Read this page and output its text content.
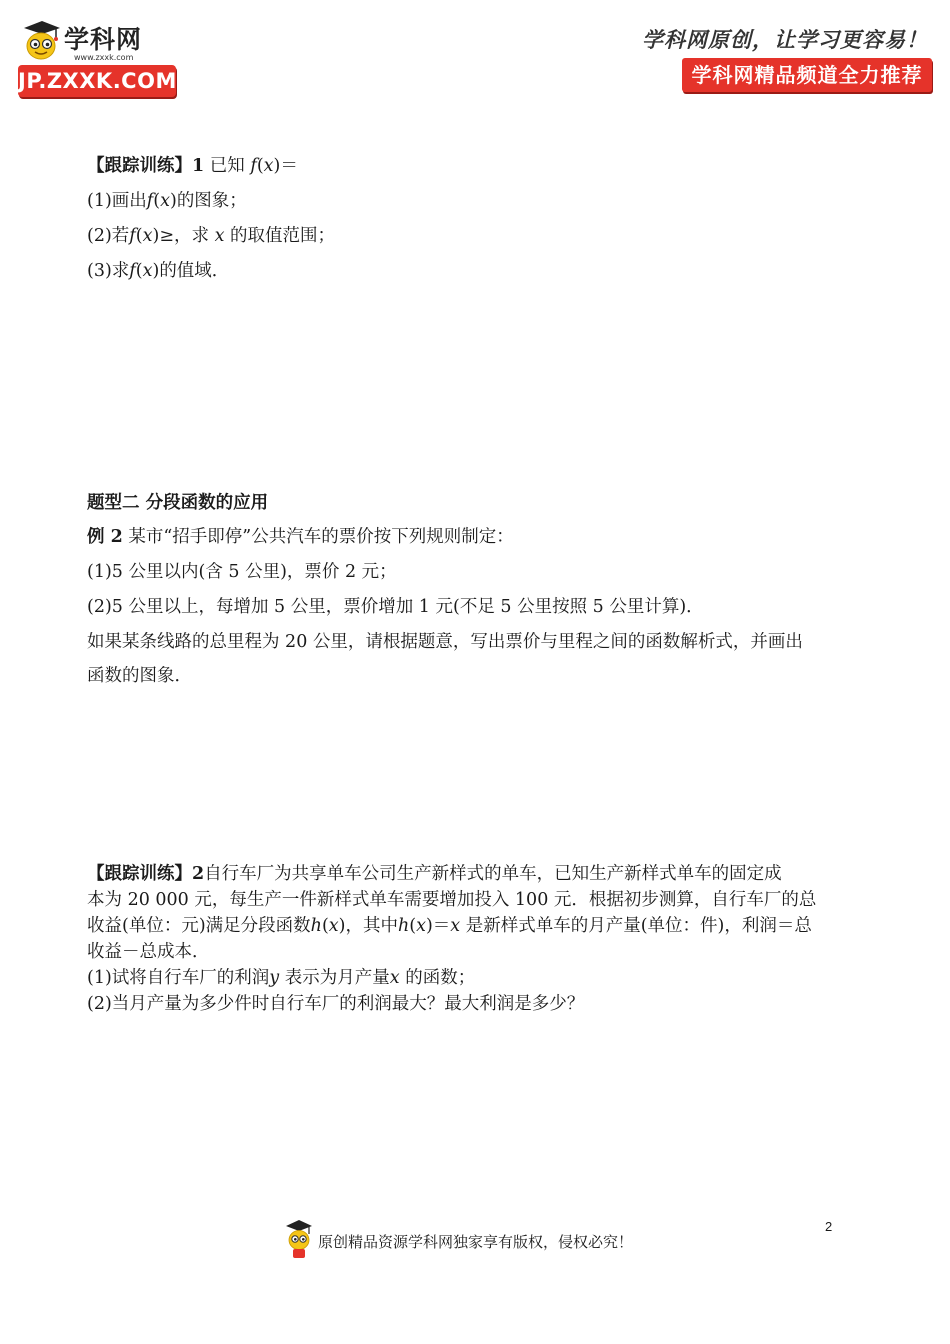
学科网
www.zxxk.com
JP.ZXXK.COM
学科网原创，让学习更容易！
学科网精品频道全力推荐
【跟踪训练】1 已知 f(x)＝
(1)画出f(x)的图象；
(2)若f(x)≥，求 x 的取值范围；
(3)求f(x)的值域．
题型二 分段函数的应用
例 2 某市“招手即停”公共汽车的票价按下列规则制定：
(1)5 公里以内(含 5 公里)，票价 2 元；
(2)5 公里以上，每增加 5 公里，票价增加 1 元(不足 5 公里按照 5 公里计算)．
如果某条线路的总里程为 20 公里，请根据题意，写出票价与里程之间的函数解析式，并画出
函数的图象．
【跟踪训练】2自行车厂为共享单车公司生产新样式的单车，已知生产新样式单车的固定成
本为 20 000 元，每生产一件新样式单车需要增加投入 100 元．根据初步测算，自行车厂的总
收益(单位：元)满足分段函数h(x)，其中h(x)＝x 是新样式单车的月产量(单位：件)，利润＝总
收益－总成本．
(1)试将自行车厂的利润y 表示为月产量x 的函数；
(2)当月产量为多少件时自行车厂的利润最大？最大利润是多少？
原创精品资源学科网独家享有版权，侵权必究！
2
